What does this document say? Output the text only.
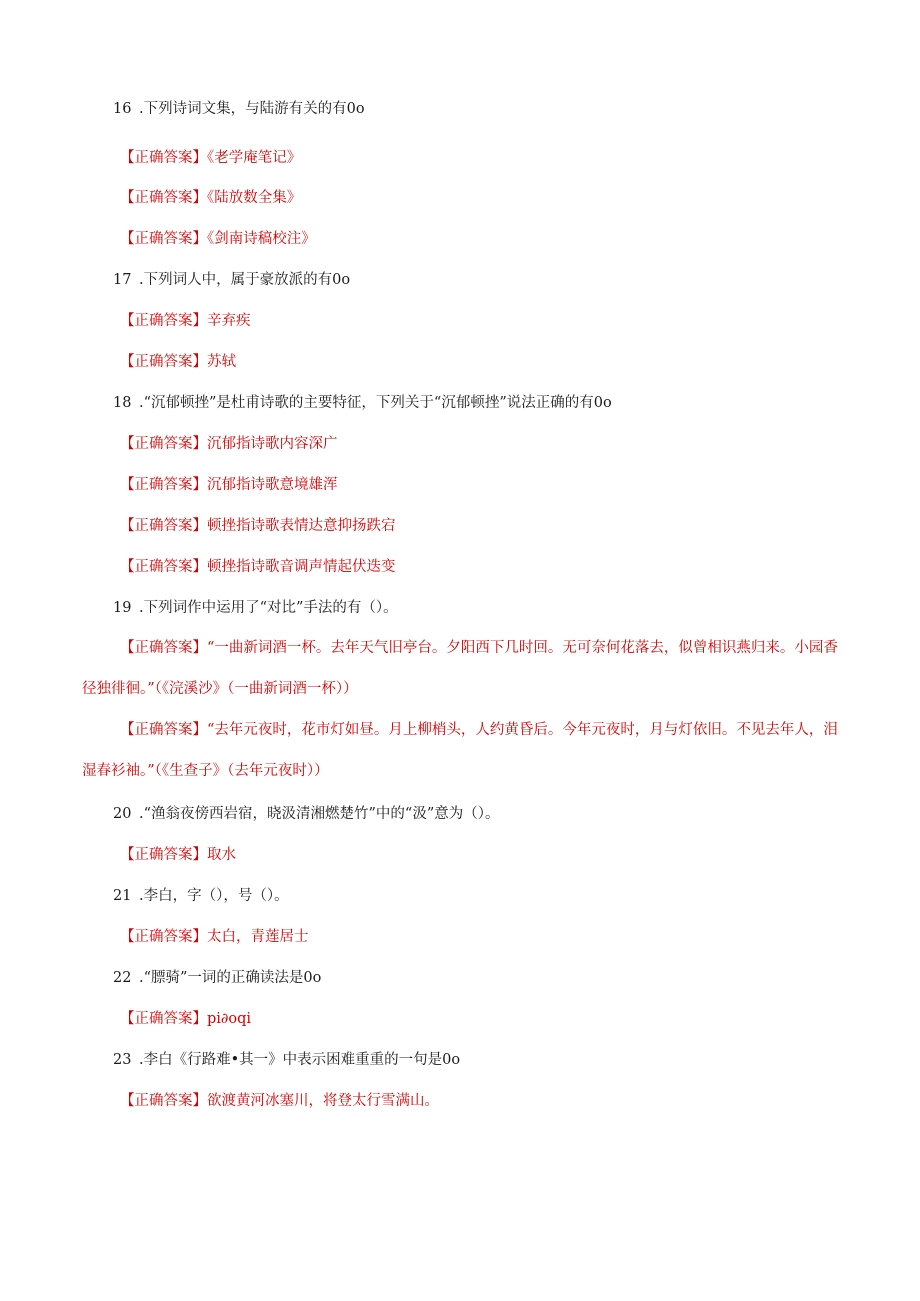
16 .下列诗词文集，与陆游有关的有0o
【正确答案】《老学庵笔记》
【正确答案】《陆放数全集》
【正确答案】《剑南诗稿校注》
17 .下列词人中，属于豪放派的有0o
【正确答案】辛弃疾
【正确答案】苏轼
18 .“沉郁顿挫”是杜甫诗歌的主要特征，下列关于“沉郁顿挫”说法正确的有0o
【正确答案】沉郁指诗歌内容深广
【正确答案】沉郁指诗歌意境雄浑
【正确答案】顿挫指诗歌表情达意抑扬跌宕
【正确答案】顿挫指诗歌音调声情起伏迭变
19 .下列词作中运用了“对比”手法的有（）。
【正确答案】“一曲新词酒一杯。去年天气旧亭台。夕阳西下几时回。无可奈何花落去，似曾相识燕归来。小园香径独徘徊。”（《浣溪沙》（一曲新词酒一杯））
【正确答案】“去年元夜时，花市灯如昼。月上柳梢头，人约黄昏后。今年元夜时，月与灯依旧。不见去年人，泪湿春衫袖。”（《生查子》（去年元夜时））
20 .“渔翁夜傍西岩宿，晓汲清湘燃楚竹”中的“汲”意为（）。
【正确答案】取水
21 .李白，字（），号（）。
【正确答案】太白，青莲居士
22 .“膘骑”一词的正确读法是0o
【正确答案】pi∂oqi
23 .李白《行路难•其一》中表示困难重重的一句是0o
【正确答案】欲渡黄河冰塞川，将登太行雪满山。
